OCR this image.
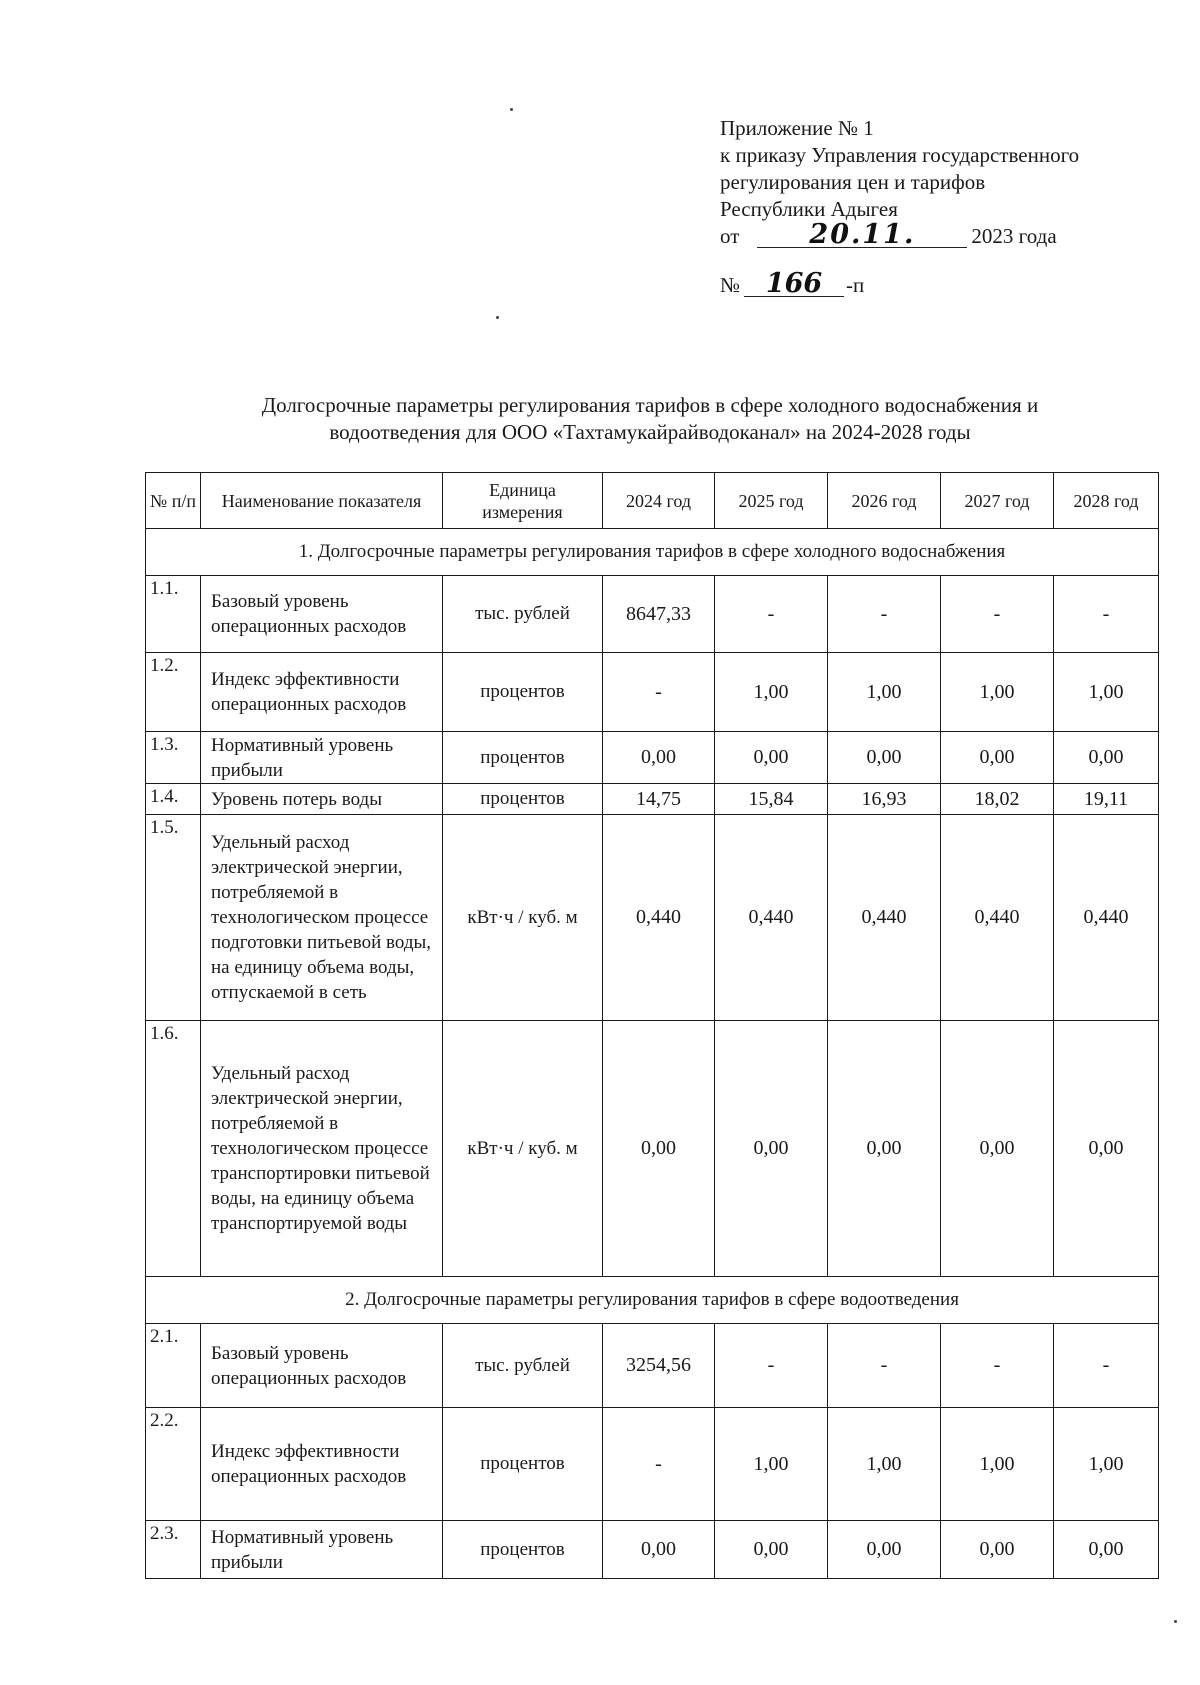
Приложение № 1
к приказу Управления государственного
регулирования цен и тарифов
Республики Адыгея
от	20.11.	2023 года
№ 166 -п
Долгосрочные параметры регулирования тарифов в сфере холодного водоснабжения и
водоотведения для ООО «Тахтамукайрайводоканал» на 2024-2028 годы
№ п/п	Наименование показателя	Единица измерения	2024 год	2025 год	2026 год	2027 год	2028 год
1. Долгосрочные параметры регулирования тарифов в сфере холодного водоснабжения							
1.1.	Базовый уровень операционных расходов	тыс. рублей	8647,33	-	-	-	-
1.2.	Индекс эффективности операционных расходов	процентов	-	1,00	1,00	1,00	1,00
1.3.	Нормативный уровень прибыли	процентов	0,00	0,00	0,00	0,00	0,00
1.4.	Уровень потерь воды	процентов	14,75	15,84	16,93	18,02	19,11
1.5.	Удельный расход электрической энергии, потребляемой в технологическом процессе подготовки питьевой воды, на единицу объема воды, отпускаемой в сеть	кВт·ч / куб. м	0,440	0,440	0,440	0,440	0,440
1.6.	Удельный расход электрической энергии, потребляемой в технологическом процессе транспортировки питьевой воды, на единицу объема транспортируемой воды	кВт·ч / куб. м	0,00	0,00	0,00	0,00	0,00
2. Долгосрочные параметры регулирования тарифов в сфере водоотведения							
2.1.	Базовый уровень операционных расходов	тыс. рублей	3254,56	-	-	-	-
2.2.	Индекс эффективности операционных расходов	процентов	-	1,00	1,00	1,00	1,00
2.3.	Нормативный уровень прибыли	процентов	0,00	0,00	0,00	0,00	0,00
